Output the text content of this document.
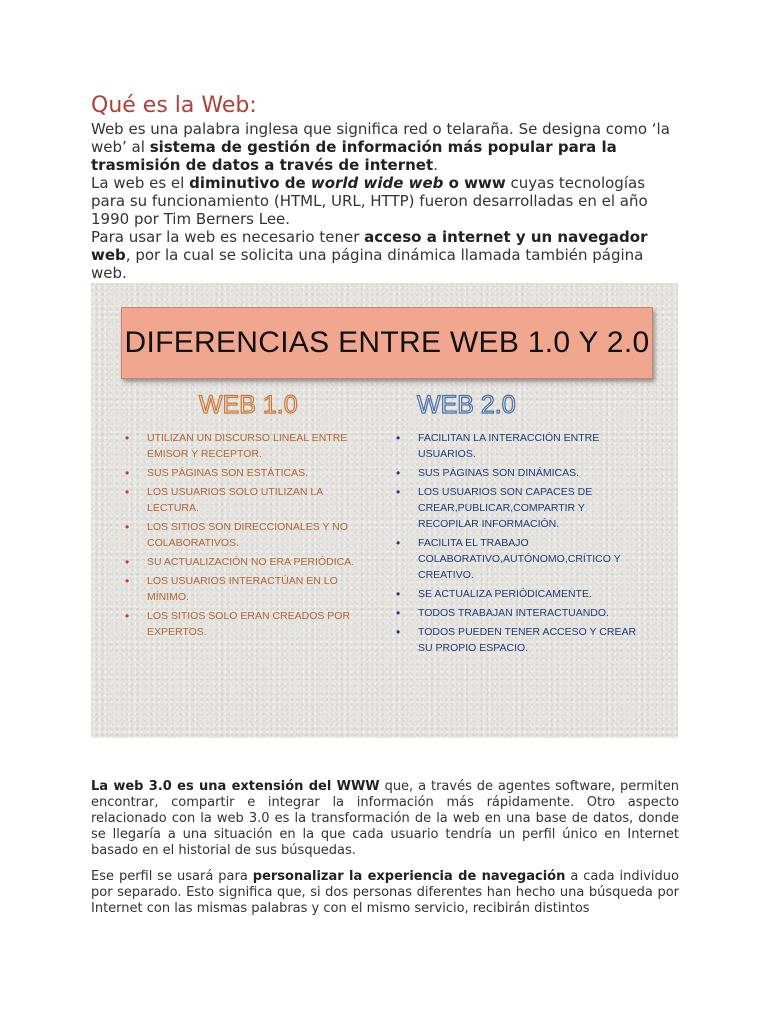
Qué es la Web:

Web es una palabra inglesa que significa red o telaraña. Se designa como ‘la web’ al sistema de gestión de información más popular para la trasmisión de datos a través de internet.

La web es el diminutivo de world wide web o www cuyas tecnologías para su funcionamiento (HTML, URL, HTTP) fueron desarrolladas en el año 1990 por Tim Berners Lee.

Para usar la web es necesario tener acceso a internet y un navegador web, por la cual se solicita una página dinámica llamada también página web.

DIFERENCIAS ENTRE WEB 1.0 Y 2.0
WEB 1.0	WEB 2.0
• UTILIZAN UN DISCURSO LINEAL ENTRE EMISOR Y RECEPTOR.
• SUS PÁGINAS SON ESTÁTICAS.
• LOS USUARIOS SOLO UTILIZAN LA LECTURA.
• LOS SITIOS SON DIRECCIONALES Y NO COLABORATIVOS.
• SU ACTUALIZACIÓN NO ERA PERIÓDICA.
• LOS USUARIOS INTERACTÚAN EN LO MÍNIMO.
• LOS SITIOS SOLO ERAN CREADOS POR EXPERTOS.
• FACILITAN LA INTERACCIÓN ENTRE USUARIOS.
• SUS PÁGINAS SON DINÁMICAS.
• LOS USUARIOS SON CAPACES DE CREAR,PUBLICAR,COMPARTIR Y RECOPILAR INFORMACIÓN.
• FACILITA EL TRABAJO COLABORATIVO,AUTÓNOMO,CRÍTICO Y CREATIVO.
• SE ACTUALIZA PERIÓDICAMENTE.
• TODOS TRABAJAN INTERACTUANDO.
• TODOS PUEDEN TENER ACCESO Y CREAR SU PROPIO ESPACIO.

La web 3.0 es una extensión del WWW que, a través de agentes software, permiten encontrar, compartir e integrar la información más rápidamente. Otro aspecto relacionado con la web 3.0 es la transformación de la web en una base de datos, donde se llegaría a una situación en la que cada usuario tendría un perfil único en Internet basado en el historial de sus búsquedas.

Ese perfil se usará para personalizar la experiencia de navegación a cada individuo por separado. Esto significa que, si dos personas diferentes han hecho una búsqueda por Internet con las mismas palabras y con el mismo servicio, recibirán distintos
